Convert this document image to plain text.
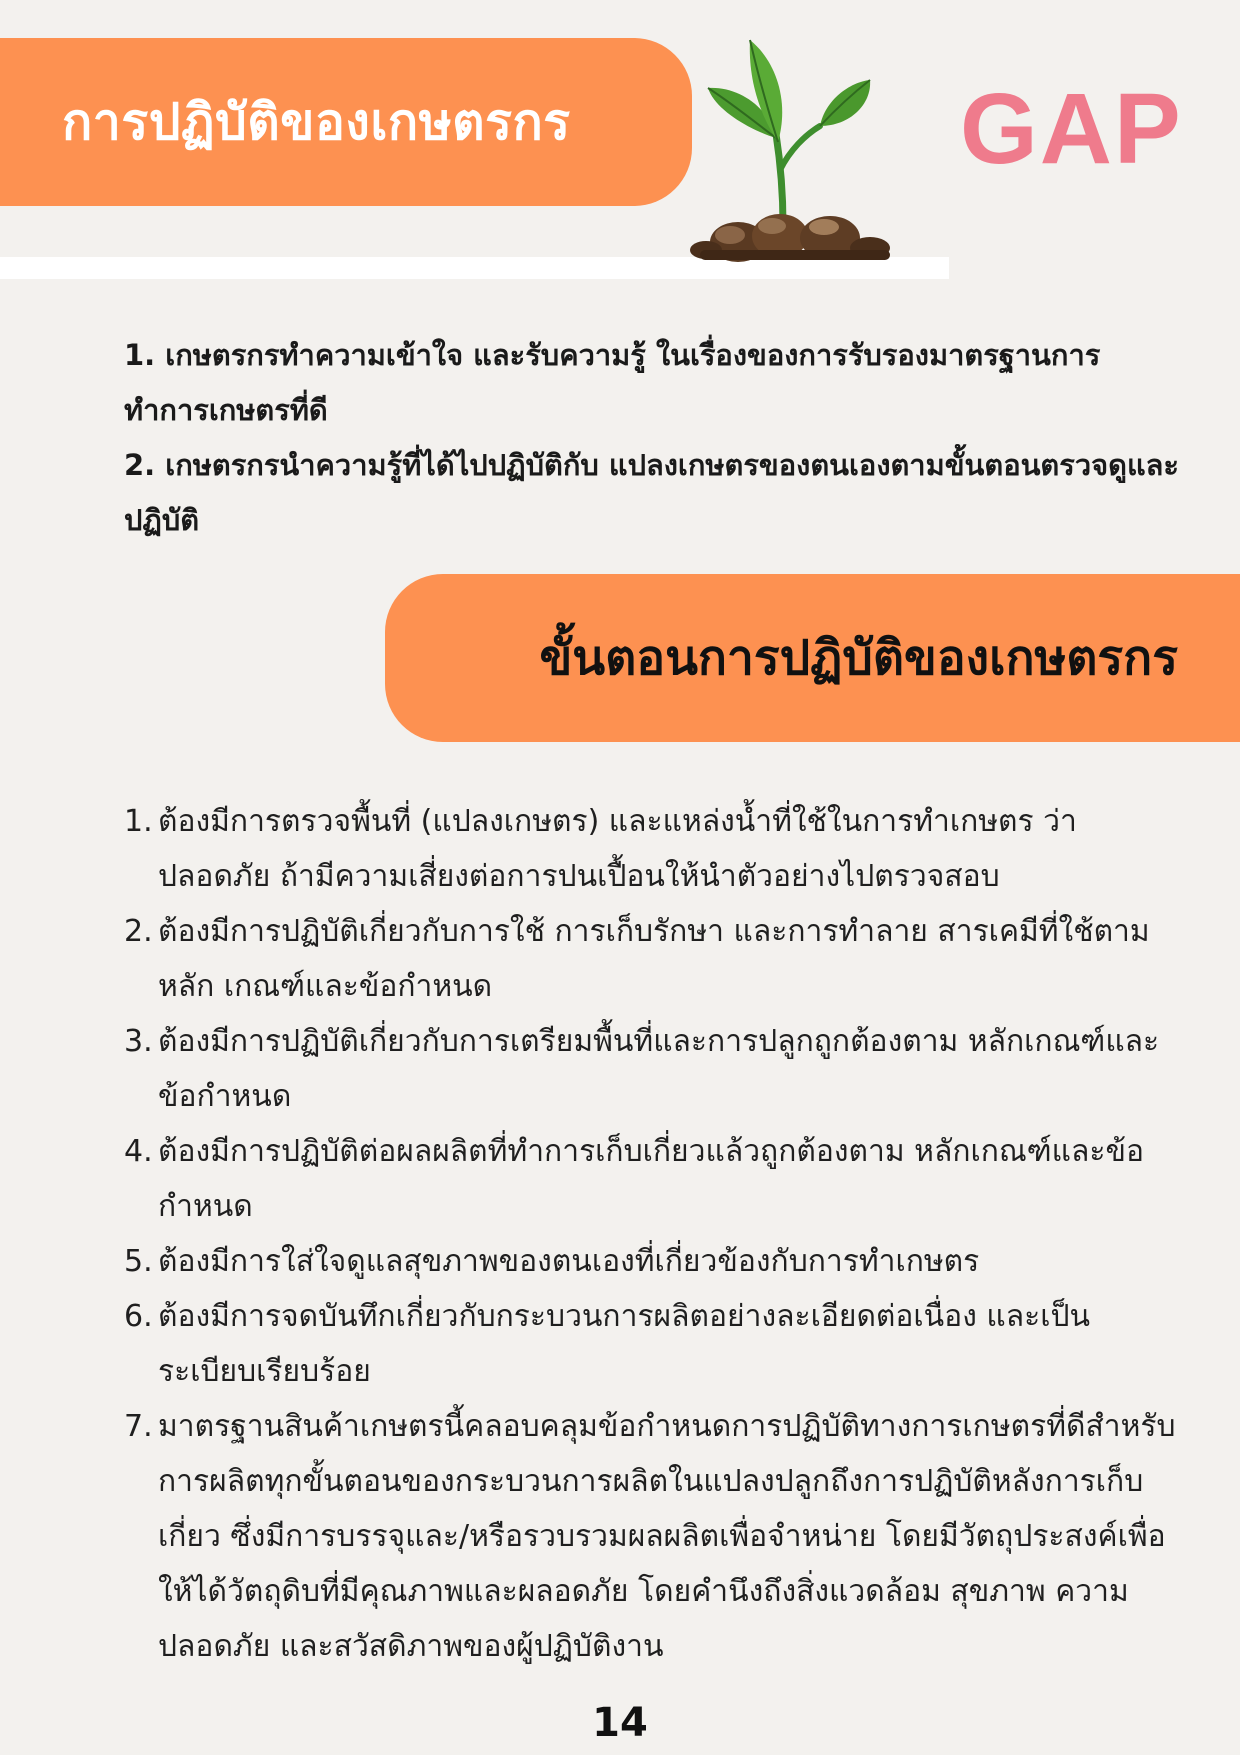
การปฏิบัติของเกษตรกร	GAP

1. เกษตรกรทำความเข้าใจ และรับความรู้ ในเรื่องของการรับรองมาตรฐานการทำการเกษตรที่ดี

2. เกษตรกรนำความรู้ที่ได้ไปปฏิบัติกับ แปลงเกษตรของตนเองตามขั้นตอนตรวจดูและปฏิบัติ

ขั้นตอนการปฏิบัติของเกษตรกร
1. ต้องมีการตรวจพื้นที่ (แปลงเกษตร) และแหล่งน้ำที่ใช้ในการทำเกษตร ว่าปลอดภัย ถ้ามีความเสี่ยงต่อการปนเปื้อนให้นำตัวอย่างไปตรวจสอบ
2. ต้องมีการปฏิบัติเกี่ยวกับการใช้ การเก็บรักษา และการทำลาย สารเคมีที่ใช้ตามหลัก เกณฑ์และข้อกำหนด
3. ต้องมีการปฏิบัติเกี่ยวกับการเตรียมพื้นที่และการปลูกถูกต้องตาม หลักเกณฑ์และข้อกำหนด
4. ต้องมีการปฏิบัติต่อผลผลิตที่ทำการเก็บเกี่ยวแล้วถูกต้องตาม หลักเกณฑ์และข้อกำหนด
5. ต้องมีการใส่ใจดูแลสุขภาพของตนเองที่เกี่ยวข้องกับการทำเกษตร
6. ต้องมีการจดบันทึกเกี่ยวกับกระบวนการผลิตอย่างละเอียดต่อเนื่อง และเป็นระเบียบเรียบร้อย
7. มาตรฐานสินค้าเกษตรนี้คลอบคลุมข้อกำหนดการปฏิบัติทางการเกษตรที่ดีสำหรับการผลิตทุกขั้นตอนของกระบวนการผลิตในแปลงปลูกถึงการปฏิบัติหลังการเก็บเกี่ยว ซึ่งมีการบรรจุและ/หรือรวบรวมผลผลิตเพื่อจำหน่าย โดยมีวัตถุประสงค์เพื่อให้ได้วัตถุดิบที่มีคุณภาพและผลอดภัย โดยคำนึงถึงสิ่งแวดล้อม สุขภาพ ความปลอดภัย และสวัสดิภาพของผู้ปฏิบัติงาน
14
